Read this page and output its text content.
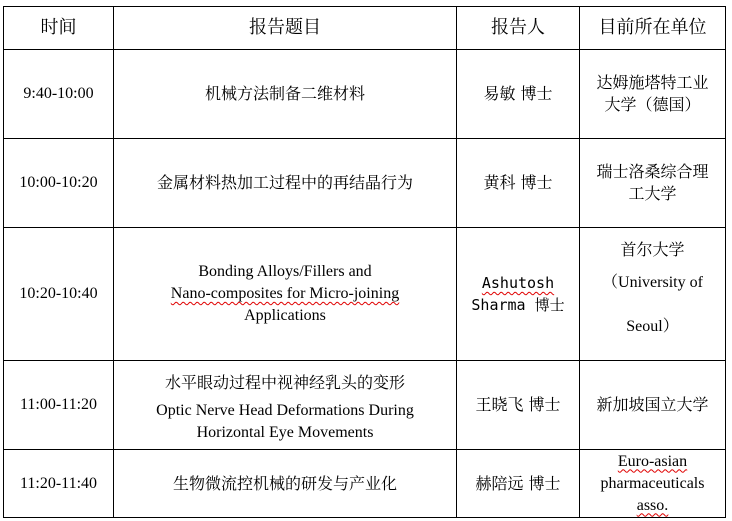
时间	报告题目	报告人	目前所在单位
9:40-10:00	机械方法制备二维材料	易敏 博士	达姆施塔特工业
大学（德国）

10:00-10:20	金属材料热加工过程中的再结晶行为	黄科 博士	瑞士洛桑综合理
工大学

10:20-10:40	Bonding Alloys/Fillers and
Nano-composites for Micro-joining
Applications	Ashutosh
Sharma 博士	首尔大学
（University of
Seoul）

11:00-11:20	水平眼动过程中视神经乳头的变形
Optic Nerve Head Deformations During
Horizontal Eye Movements	王晓飞 博士	新加坡国立大学
11:20-11:40	生物微流控机械的研发与产业化	赫陪远 博士	Euro-asian
pharmaceuticals
asso.
